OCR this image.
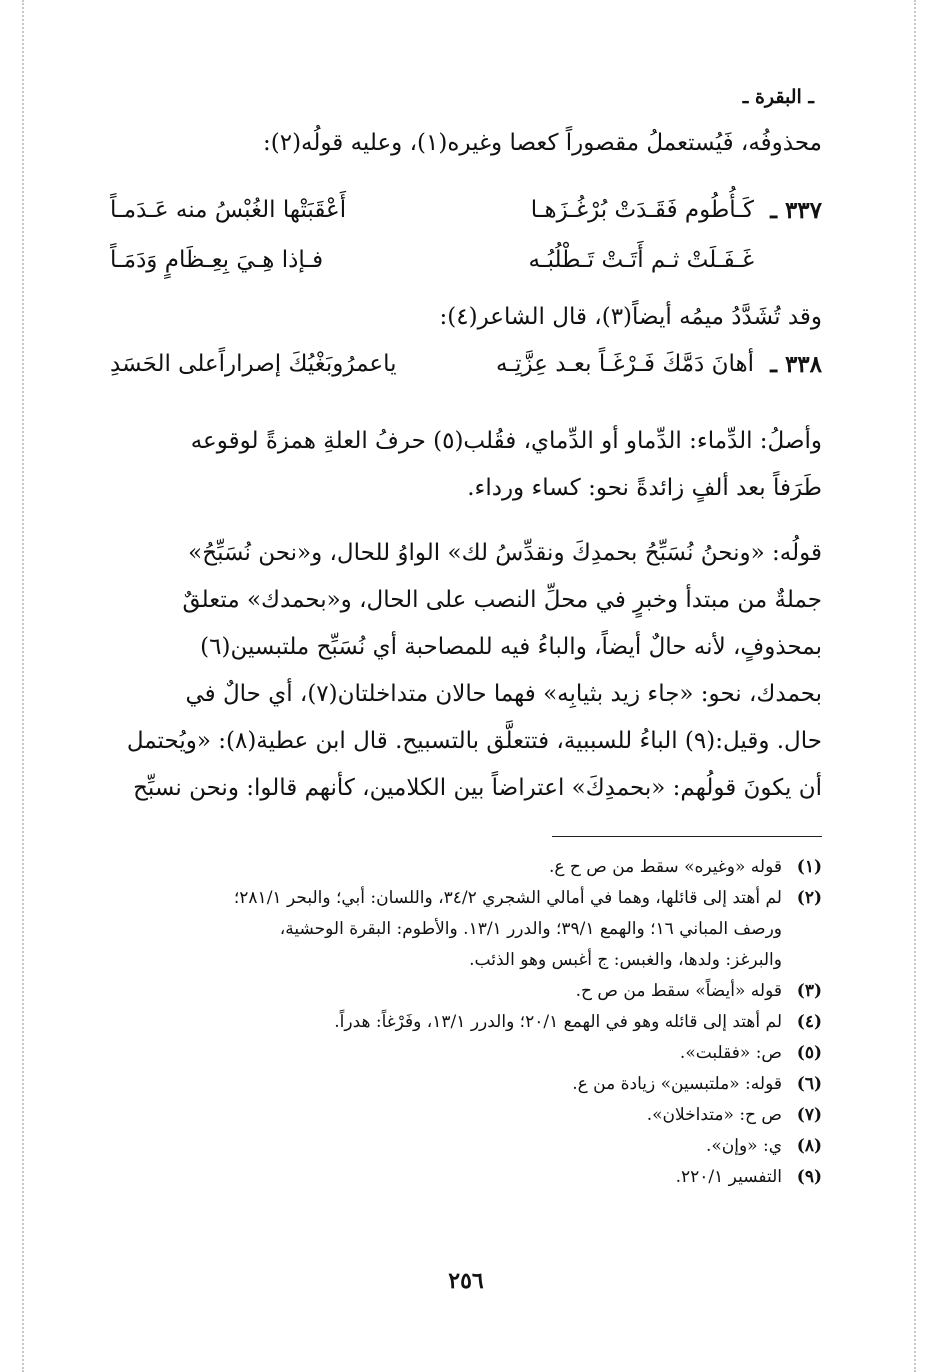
ـ البقرة ـ

محذوفُه، فَيُستعملُ مقصوراً كعصا وغيره(١)، وعليه قولُه(٢):

٣٣٧ ـ
كَـأُطُوم فَقَـدَتْ بُرْغُـزَهـا
أَعْقَبَتْها الغُبْسُ منه عَـدَمـاً
غَـفَـلَتْ ثـم أَتَـتْ تَـطْلُبُـه
فـإذا هِـيَ بِعِـظَامٍ وَدَمَـاً

وقد تُشَدَّدُ ميمُه أيضاً(٣)، قال الشاعر(٤):

٣٣٨ ـ
أهانَ دَمَّكَ فَـرْغَـاً بعـد عِزَّتِـه
ياعمرُوبَغْيُكَ إصراراًعلى الحَسَدِ

وأصلُ: الدِّماء: الدِّماو أو الدِّماي، فقُلب(٥) حرفُ العلةِ همزةً لوقوعه

طَرَفاً بعد ألفٍ زائدةً نحو: كساء ورداء.

قولُه: «ونحنُ نُسَبِّحُ بحمدِكَ ونقدِّسُ لك» الواوُ للحال، و«نحن نُسَبِّحُ»

جملةٌ من مبتدأ وخبرٍ في محلِّ النصب على الحال، و«بحمدك» متعلقٌ

بمحذوفٍ، لأنه حالٌ أيضاً، والباءُ فيه للمصاحبة أي نُسَبِّح ملتبسين(٦)

بحمدك، نحو: «جاء زيد بثيابِه» فهما حالان متداخلتان(٧)، أي حالٌ في

حال. وقيل:(٩) الباءُ للسببية، فتتعلَّق بالتسبيح. قال ابن عطية(٨): «ويُحتمل

أن يكونَ قولُهم: «بحمدِكَ» اعتراضاً بين الكلامين، كأنهم قالوا: ونحن نسبِّح

(١)
قوله «وغيره» سقط من ص ح ع.
(٢)
لم أهتد إلى قائلها، وهما في أمالي الشجري ٣٤/٢، واللسان: أبي؛ والبحر ٢٨١/١؛
ورصف المباني ١٦؛ والهمع ٣٩/١؛ والدرر ١٣/١. والأطوم: البقرة الوحشية،
والبرغز: ولدها، والغبس: ج أغبس وهو الذئب.
(٣)
قوله «أيضاً» سقط من ص ح.
(٤)
لم أهتد إلى قائله وهو في الهمع ٢٠/١؛ والدرر ١٣/١، وفَرْغاً: هدراً.
(٥)
ص: «فقلبت».
(٦)
قوله: «ملتبسين» زيادة من ع.
(٧)
ص ح: «متداخلان».
(٨)
ي: «وإن».
(٩)
التفسير ٢٢٠/١.
٢٥٦
